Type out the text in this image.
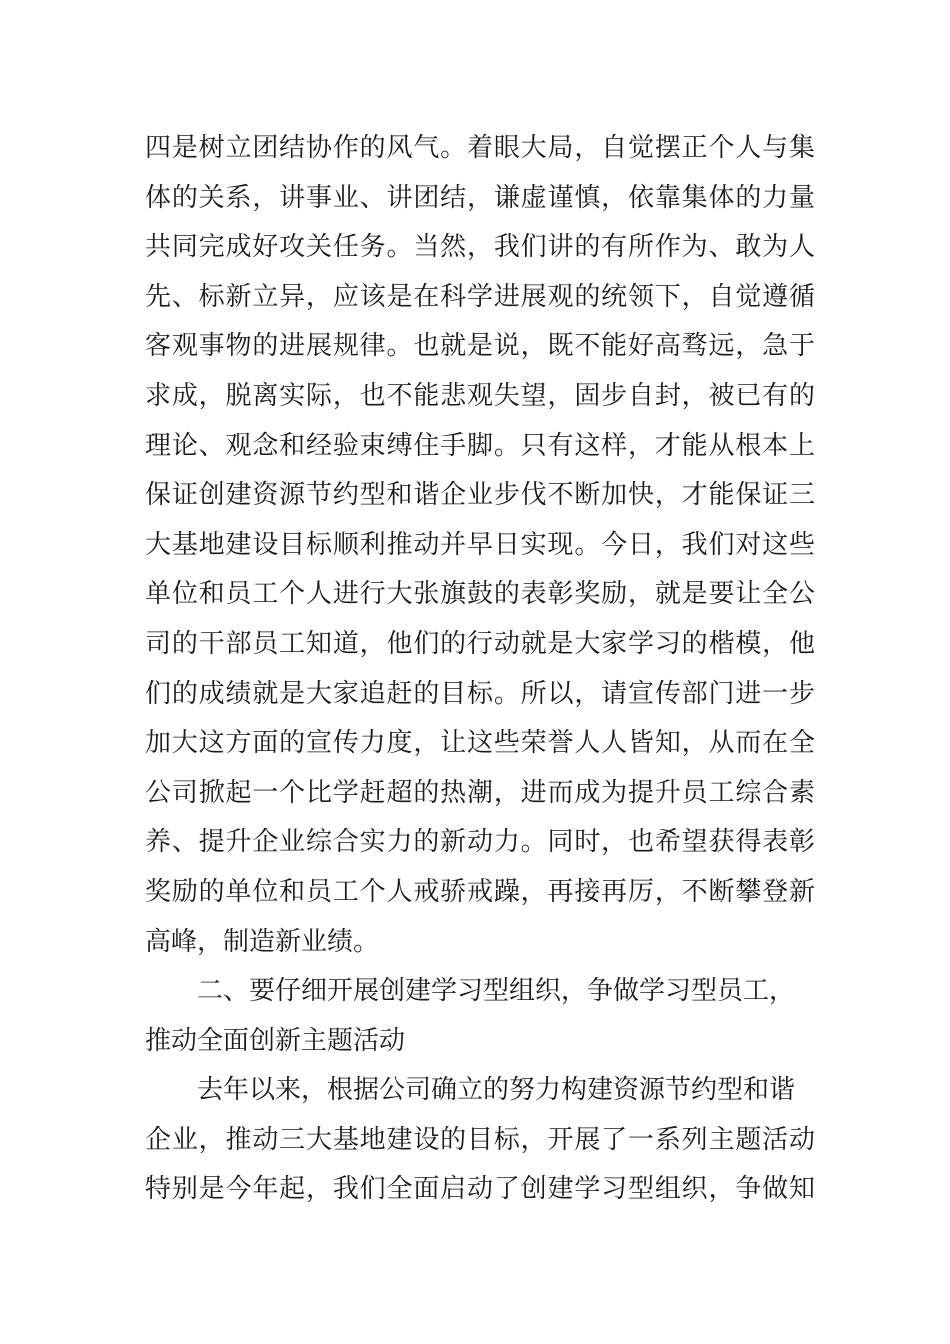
四是树立团结协作的风气。着眼大局，自觉摆正个人与集
体的关系，讲事业、讲团结，谦虚谨慎，依靠集体的力量
共同完成好攻关任务。当然，我们讲的有所作为、敢为人
先、标新立异，应该是在科学进展观的统领下，自觉遵循
客观事物的进展规律。也就是说，既不能好高骛远，急于
求成，脱离实际，也不能悲观失望，固步自封，被已有的
理论、观念和经验束缚住手脚。只有这样，才能从根本上
保证创建资源节约型和谐企业步伐不断加快，才能保证三
大基地建设目标顺利推动并早日实现。今日，我们对这些
单位和员工个人进行大张旗鼓的表彰奖励，就是要让全公
司的干部员工知道，他们的行动就是大家学习的楷模，他
们的成绩就是大家追赶的目标。所以，请宣传部门进一步
加大这方面的宣传力度，让这些荣誉人人皆知，从而在全
公司掀起一个比学赶超的热潮，进而成为提升员工综合素
养、提升企业综合实力的新动力。同时，也希望获得表彰
奖励的单位和员工个人戒骄戒躁，再接再厉，不断攀登新
高峰，制造新业绩。
二、要仔细开展创建学习型组织，争做学习型员工，
推动全面创新主题活动
去年以来，根据公司确立的努力构建资源节约型和谐
企业，推动三大基地建设的目标，开展了一系列主题活动
特别是今年起，我们全面启动了创建学习型组织，争做知
